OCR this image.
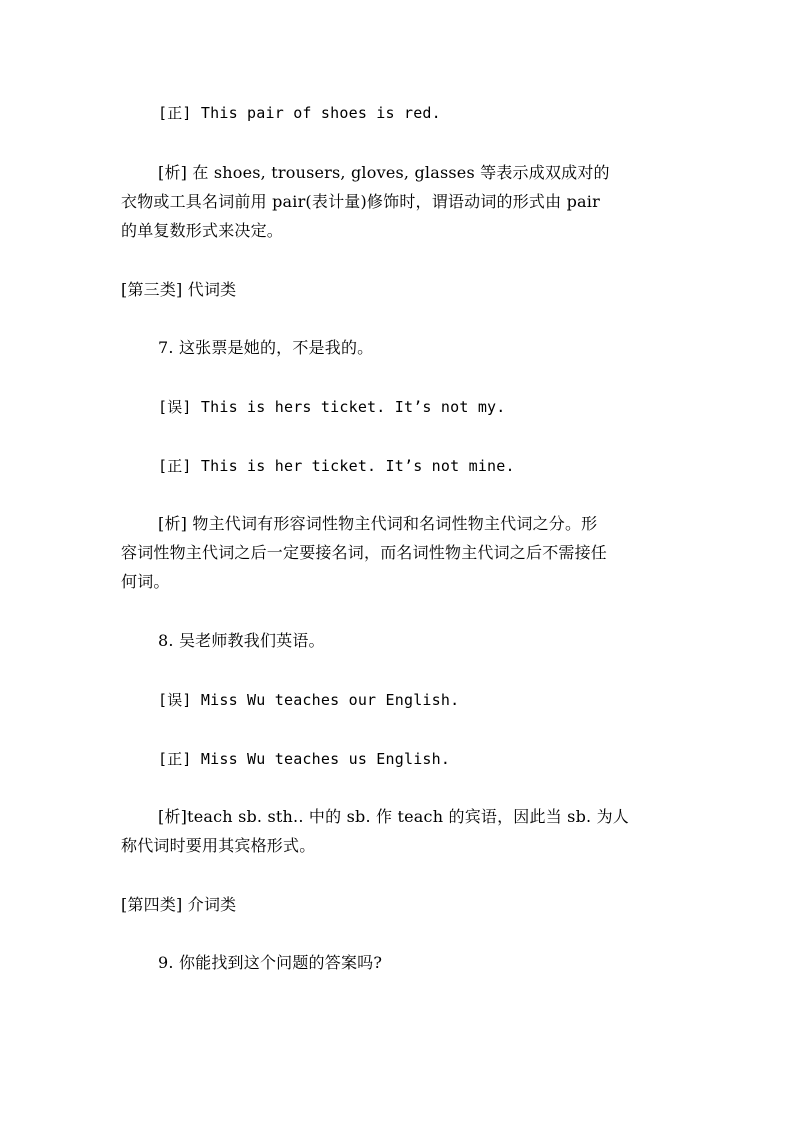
[正] This pair of shoes is red.
[析] 在 shoes, trousers, gloves, glasses 等表示成双成对的
衣物或工具名词前用 pair(表计量)修饰时，谓语动词的形式由 pair
的单复数形式来决定。
[第三类] 代词类
7. 这张票是她的，不是我的。
[误] This is hers ticket. It’s not my.
[正] This is her ticket. It’s not mine.
[析] 物主代词有形容词性物主代词和名词性物主代词之分。形
容词性物主代词之后一定要接名词，而名词性物主代词之后不需接任
何词。
8. 吴老师教我们英语。
[误] Miss Wu teaches our English.
[正] Miss Wu teaches us English.
[析]teach sb. sth.. 中的 sb. 作 teach 的宾语，因此当 sb. 为人
称代词时要用其宾格形式。
[第四类] 介词类
9. 你能找到这个问题的答案吗?
